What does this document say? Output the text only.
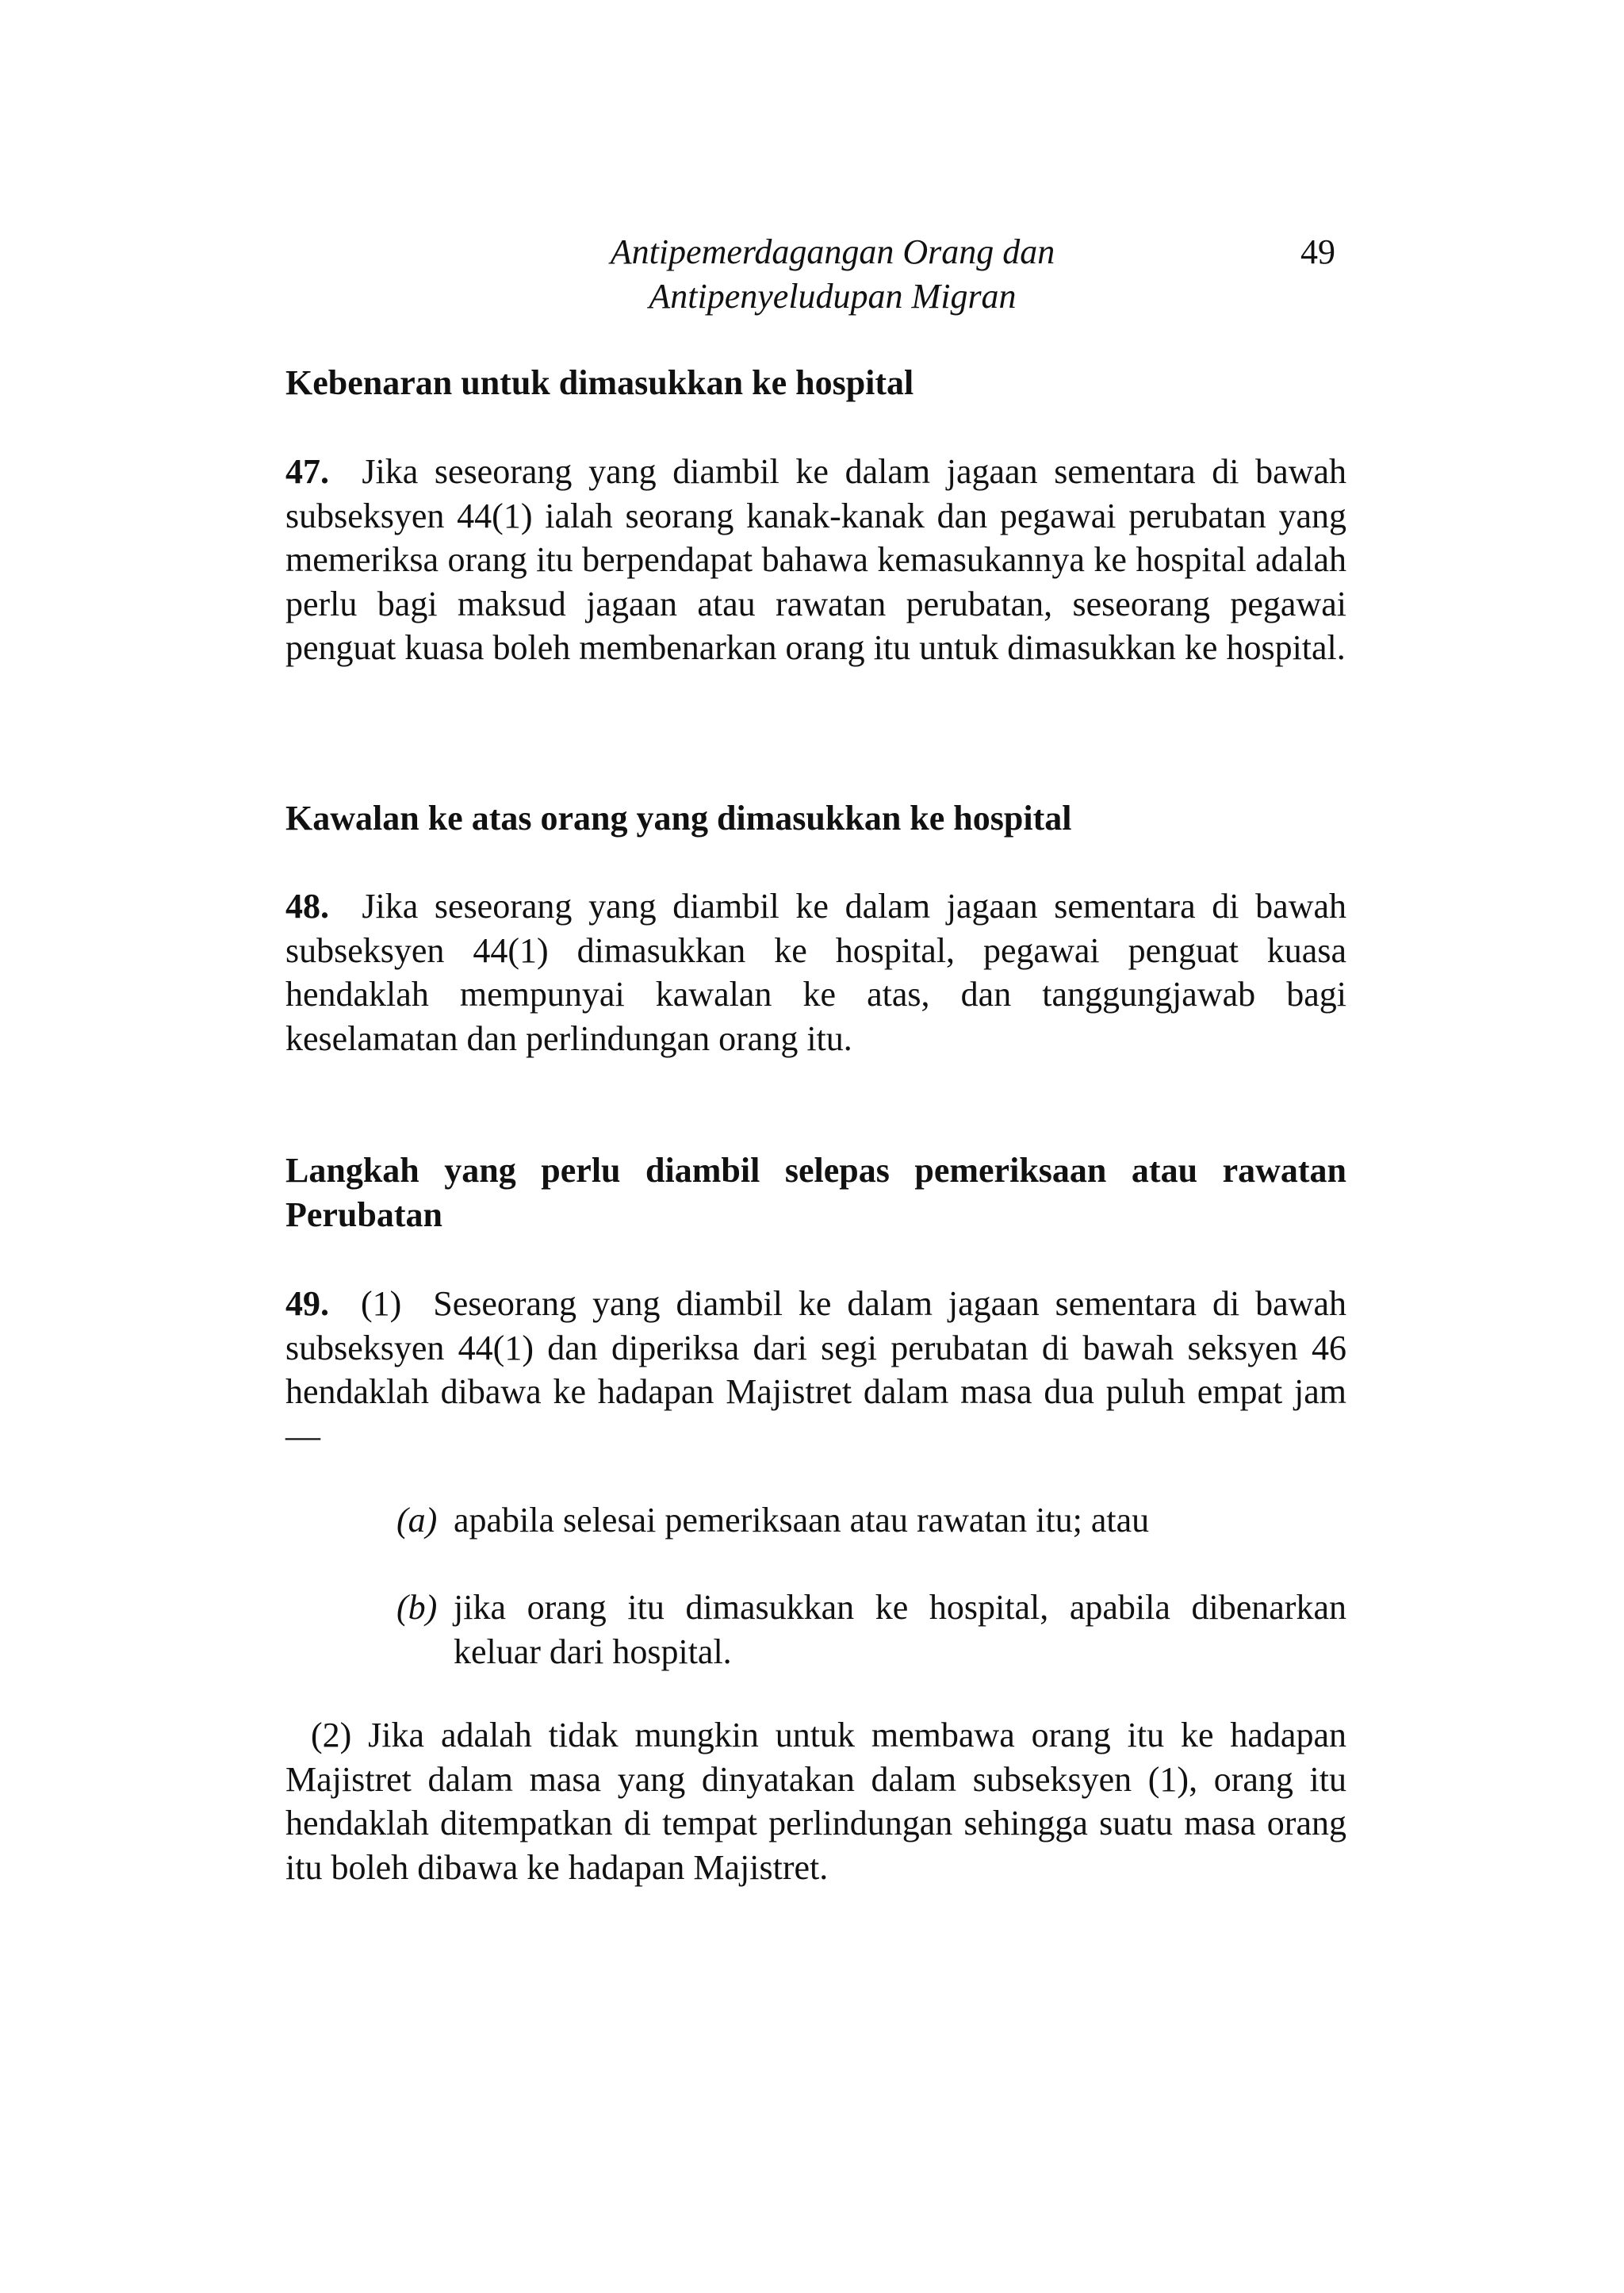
Antipemerdagangan Orang dan
Antipenyeludupan Migran
49
Kebenaran untuk dimasukkan ke hospital
47. Jika seseorang yang diambil ke dalam jagaan sementara di bawah subseksyen 44(1) ialah seorang kanak-kanak dan pegawai perubatan yang memeriksa orang itu berpendapat bahawa kemasukannya ke hospital adalah perlu bagi maksud jagaan atau rawatan perubatan, seseorang pegawai penguat kuasa boleh membenarkan orang itu untuk dimasukkan ke hospital.
Kawalan ke atas orang yang dimasukkan ke hospital
48. Jika seseorang yang diambil ke dalam jagaan sementara di bawah subseksyen 44(1) dimasukkan ke hospital, pegawai penguat kuasa hendaklah mempunyai kawalan ke atas, dan tanggungjawab bagi keselamatan dan perlindungan orang itu.
Langkah yang perlu diambil selepas pemeriksaan atau rawatan Perubatan
49. (1) Seseorang yang diambil ke dalam jagaan sementara di bawah subseksyen 44(1) dan diperiksa dari segi perubatan di bawah seksyen 46 hendaklah dibawa ke hadapan Majistret dalam masa dua puluh empat jam—
(a) apabila selesai pemeriksaan atau rawatan itu; atau
(b) jika orang itu dimasukkan ke hospital, apabila dibenarkan keluar dari hospital.
(2) Jika adalah tidak mungkin untuk membawa orang itu ke hadapan Majistret dalam masa yang dinyatakan dalam subseksyen (1), orang itu hendaklah ditempatkan di tempat perlindungan sehingga suatu masa orang itu boleh dibawa ke hadapan Majistret.
